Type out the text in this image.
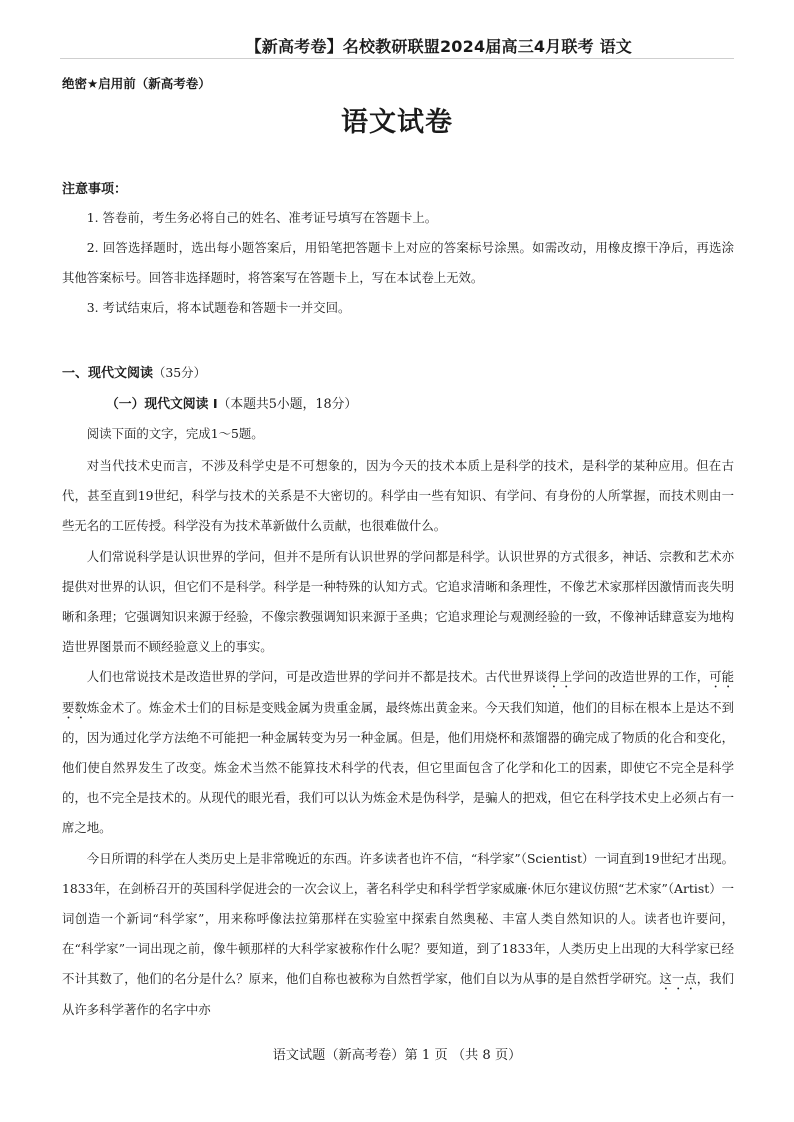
【新高考卷】名校教研联盟2024届高三4月联考 语文
绝密★启用前（新高考卷）
语文试卷
注意事项：

1. 答卷前，考生务必将自己的姓名、准考证号填写在答题卡上。

2. 回答选择题时，选出每小题答案后，用铅笔把答题卡上对应的答案标号涂黑。如需改动，用橡皮擦干净后，再选涂其他答案标号。回答非选择题时，将答案写在答题卡上，写在本试卷上无效。

3. 考试结束后，将本试题卷和答题卡一并交回。

一、现代文阅读（35分）
（一）现代文阅读 I（本题共5小题，18分）
阅读下面的文字，完成1～5题。

对当代技术史而言，不涉及科学史是不可想象的，因为今天的技术本质上是科学的技术，是科学的某种应用。但在古代，甚至直到19世纪，科学与技术的关系是不大密切的。科学由一些有知识、有学问、有身份的人所掌握，而技术则由一些无名的工匠传授。科学没有为技术革新做什么贡献，也很难做什么。

人们常说科学是认识世界的学问，但并不是所有认识世界的学问都是科学。认识世界的方式很多，神话、宗教和艺术亦提供对世界的认识，但它们不是科学。科学是一种特殊的认知方式。它追求清晰和条理性，不像艺术家那样因激情而丧失明晰和条理；它强调知识来源于经验，不像宗教强调知识来源于圣典；它追求理论与观测经验的一致，不像神话肆意妄为地构造世界图景而不顾经验意义上的事实。

人们也常说技术是改造世界的学问，可是改造世界的学问并不都是技术。古代世界谈得上学问的改造世界的工作，可能要数炼金术了。炼金术士们的目标是变贱金属为贵重金属，最终炼出黄金来。今天我们知道，他们的目标在根本上是达不到的，因为通过化学方法绝不可能把一种金属转变为另一种金属。但是，他们用烧杯和蒸馏器的确完成了物质的化合和变化，他们使自然界发生了改变。炼金术当然不能算技术科学的代表，但它里面包含了化学和化工的因素，即使它不完全是科学的，也不完全是技术的。从现代的眼光看，我们可以认为炼金术是伪科学，是骗人的把戏，但它在科学技术史上必须占有一席之地。

今日所谓的科学在人类历史上是非常晚近的东西。许多读者也许不信，“科学家”（Scientist）一词直到19世纪才出现。1833年，在剑桥召开的英国科学促进会的一次会议上，著名科学史和科学哲学家威廉·休厄尔建议仿照“艺术家”（Artist）一词创造一个新词“科学家”，用来称呼像法拉第那样在实验室中探索自然奥秘、丰富人类自然知识的人。读者也许要问，在“科学家”一词出现之前，像牛顿那样的大科学家被称作什么呢？要知道，到了1833年，人类历史上出现的大科学家已经不计其数了，他们的名分是什么？原来，他们自称也被称为自然哲学家，他们自以为从事的是自然哲学研究。这一点，我们从许多科学著作的名字中亦

语文试题（新高考卷）第 1 页 （共 8 页）
